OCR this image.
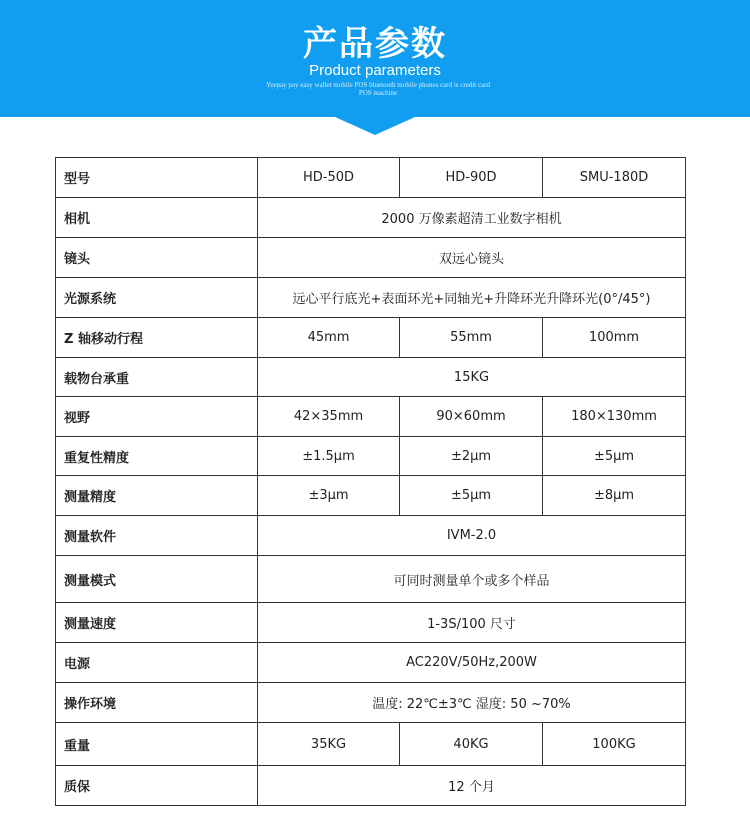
产品参数
Product parameters
Yeepay pay easy wallet mobile POS bluetooth mobile phones card is credit card POS machine
型号	HD-50D	HD-90D	SMU-180D
相机	2000 万像素超清工业数字相机		
镜头	双远心镜头		
光源系统	远心平行底光+表面环光+同轴光+升降环光升降环光(0°/45°)		
Z 轴移动行程	45mm	55mm	100mm
载物台承重	15KG		
视野	42×35mm	90×60mm	180×130mm
重复性精度	±1.5μm	±2μm	±5μm
测量精度	±3μm	±5μm	±8μm
测量软件	IVM-2.0		
测量模式	可同时测量单个或多个样品		
测量速度	1-3S/100 尺寸		
电源	AC220V/50Hz,200W		
操作环境	温度: 22℃±3℃ 湿度: 50 ~70%		
重量	35KG	40KG	100KG
质保	12 个月		
